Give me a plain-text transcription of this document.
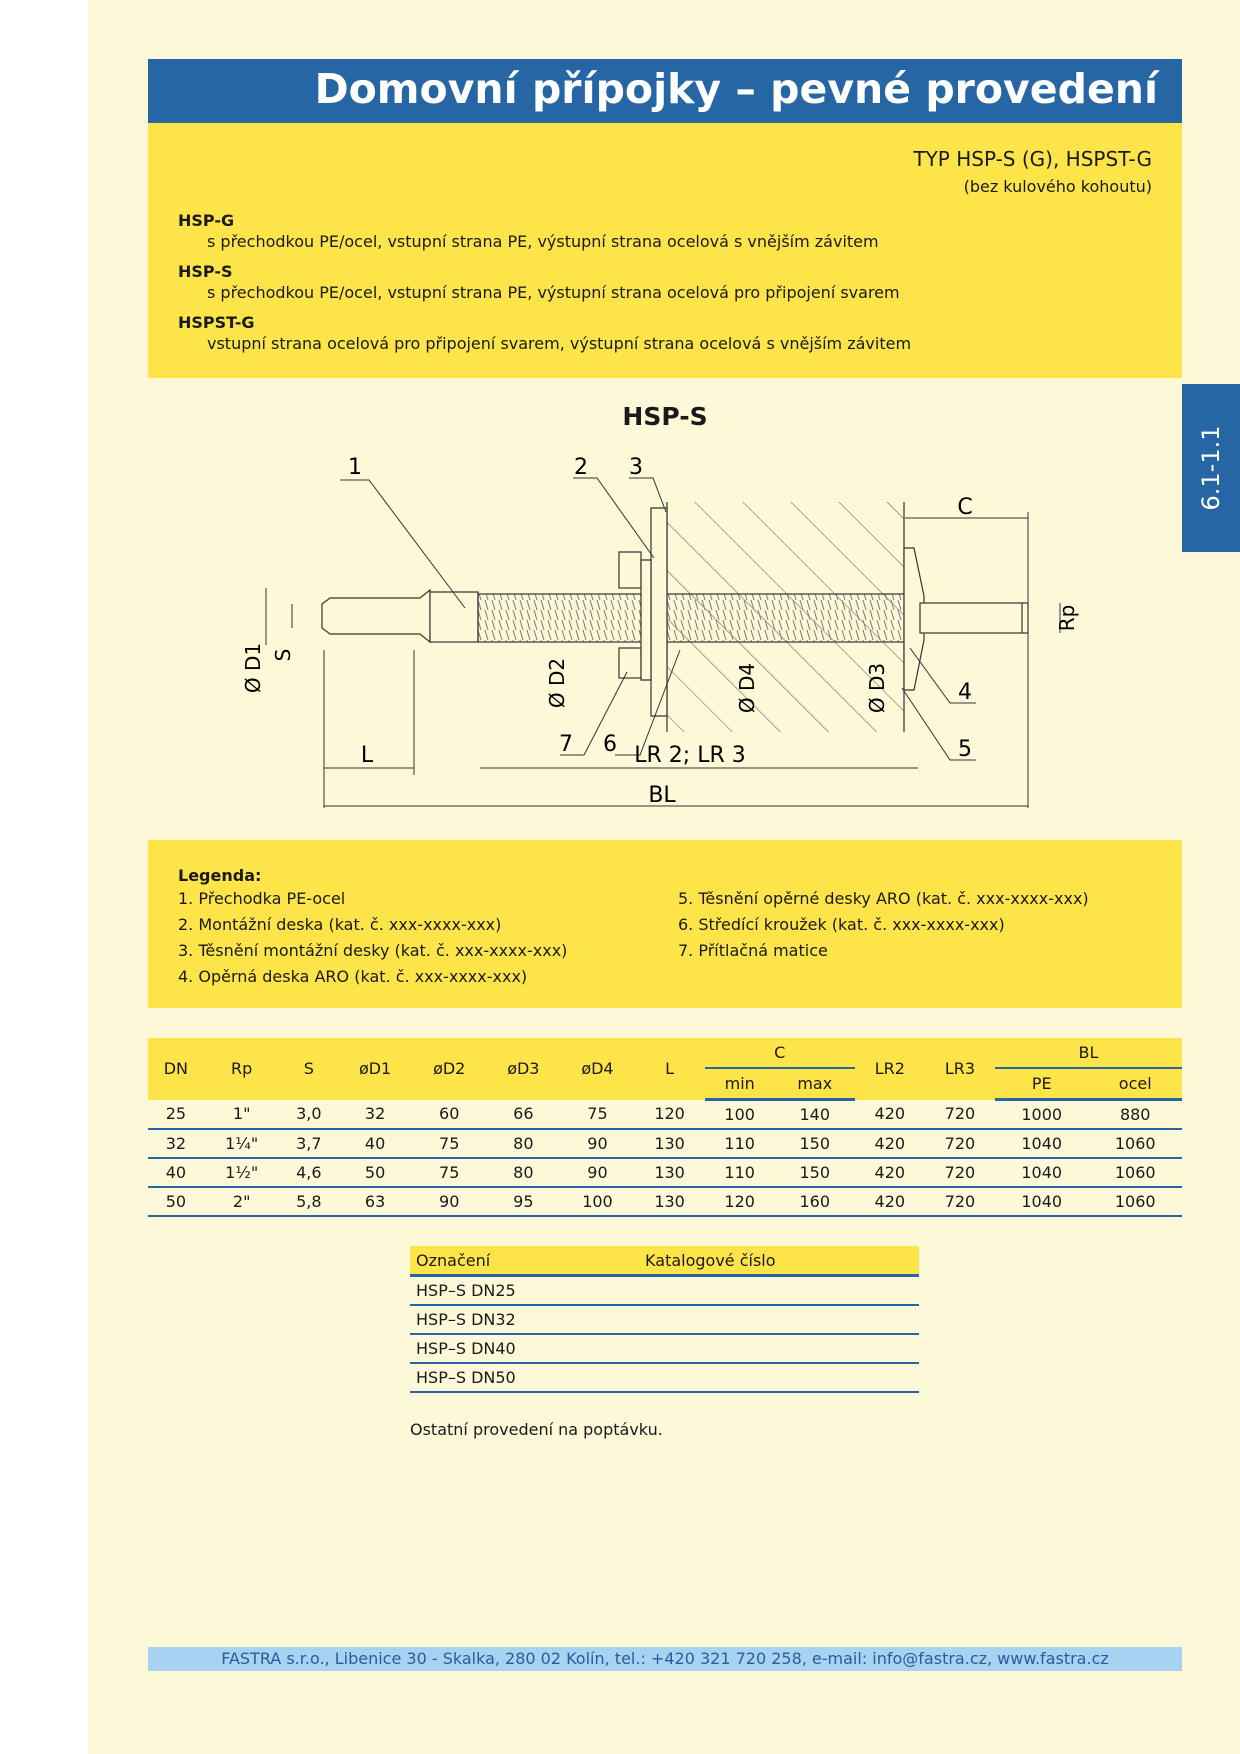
Domovní přípojky – pevné provedení
6.1-1.1
TYP HSP-S (G), HSPST-G
(bez kulového kohoutu)
HSP-G
s přechodkou PE/ocel, vstupní strana PE, výstupní strana ocelová s vnějším závitem
HSP-S
s přechodkou PE/ocel, vstupní strana PE, výstupní strana ocelová pro připojení svarem
HSPST-G
vstupní strana ocelová pro připojení svarem, výstupní strana ocelová s vnějším závitem
HSP-S
1	2 3
4
5
6
7
C
Rp
Ø D1 S
Ø D2	Ø D4	Ø D3
L	LR 2; LR 3
BL
Legenda:
1. Přechodka PE-ocel
2. Montážní deska (kat. č. xxx-xxxx-xxx)
3. Těsnění montážní desky (kat. č. xxx-xxxx-xxx)
4. Opěrná deska ARO (kat. č. xxx-xxxx-xxx)
5. Těsnění opěrné desky ARO (kat. č. xxx-xxxx-xxx)
6. Středící kroužek (kat. č. xxx-xxxx-xxx)
7. Přítlačná matice
DN	Rp	S	øD1	øD2	øD3	øD4	L	C		LR2	LR3	BL	
								min	max			PE	ocel
25	1"	3,0	32	60	66	75	120	100	140	420	720	1000	880
32	1¼"	3,7	40	75	80	90	130	110	150	420	720	1040	1060
40	1½"	4,6	50	75	80	90	130	110	150	420	720	1040	1060
50	2"	5,8	63	90	95	100	130	120	160	420	720	1040	1060
Označení	Katalogové číslo
HSP–S DN25	
HSP–S DN32	
HSP–S DN40	
HSP–S DN50	
Ostatní provedení na poptávku.
FASTRA s.r.o., Libenice 30 - Skalka, 280 02 Kolín, tel.: +420 321 720 258, e-mail: info@fastra.cz, www.fastra.cz
